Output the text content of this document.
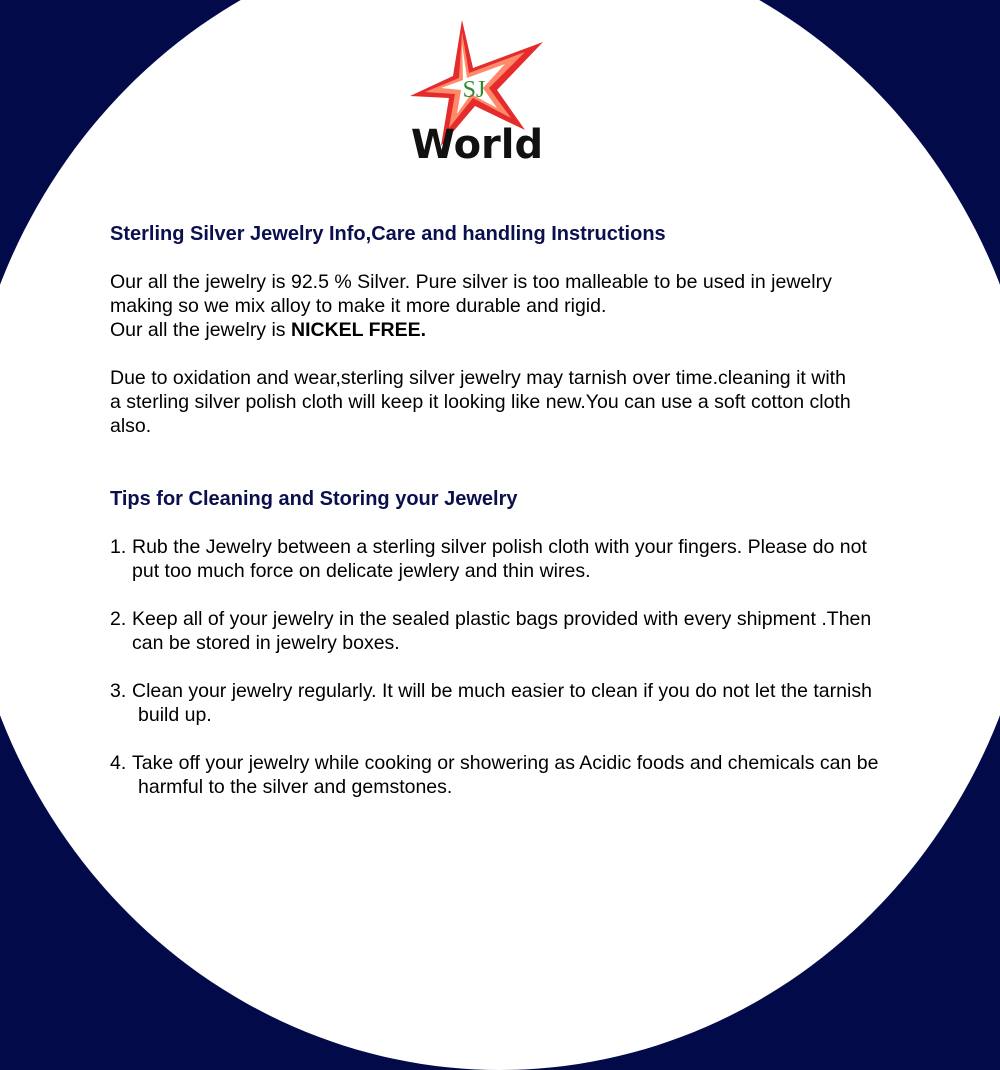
SJ
World
Sterling Silver Jewelry Info,Care and handling Instructions

Our all the jewelry is 92.5 % Silver. Pure silver is too malleable to be used in jewelry
making so we mix alloy to make it more durable and rigid.
Our all the jewelry is NICKEL FREE.

Due to oxidation and wear,sterling silver jewelry may tarnish over time.cleaning it with
a sterling silver polish cloth will keep it looking like new.You can use a soft cotton cloth
also.

Tips for Cleaning and Storing your Jewelry
1. Rub the Jewelry between a sterling silver polish cloth with your fingers. Please do not
put too much force on delicate jewlery and thin wires.
2. Keep all of your jewelry in the sealed plastic bags provided with every shipment .Then
can be stored in jewelry boxes.
3. Clean your jewelry regularly. It will be much easier to clean if you do not let the tarnish
build up.
4. Take off your jewelry while cooking or showering as Acidic foods and chemicals can be
harmful to the silver and gemstones.
